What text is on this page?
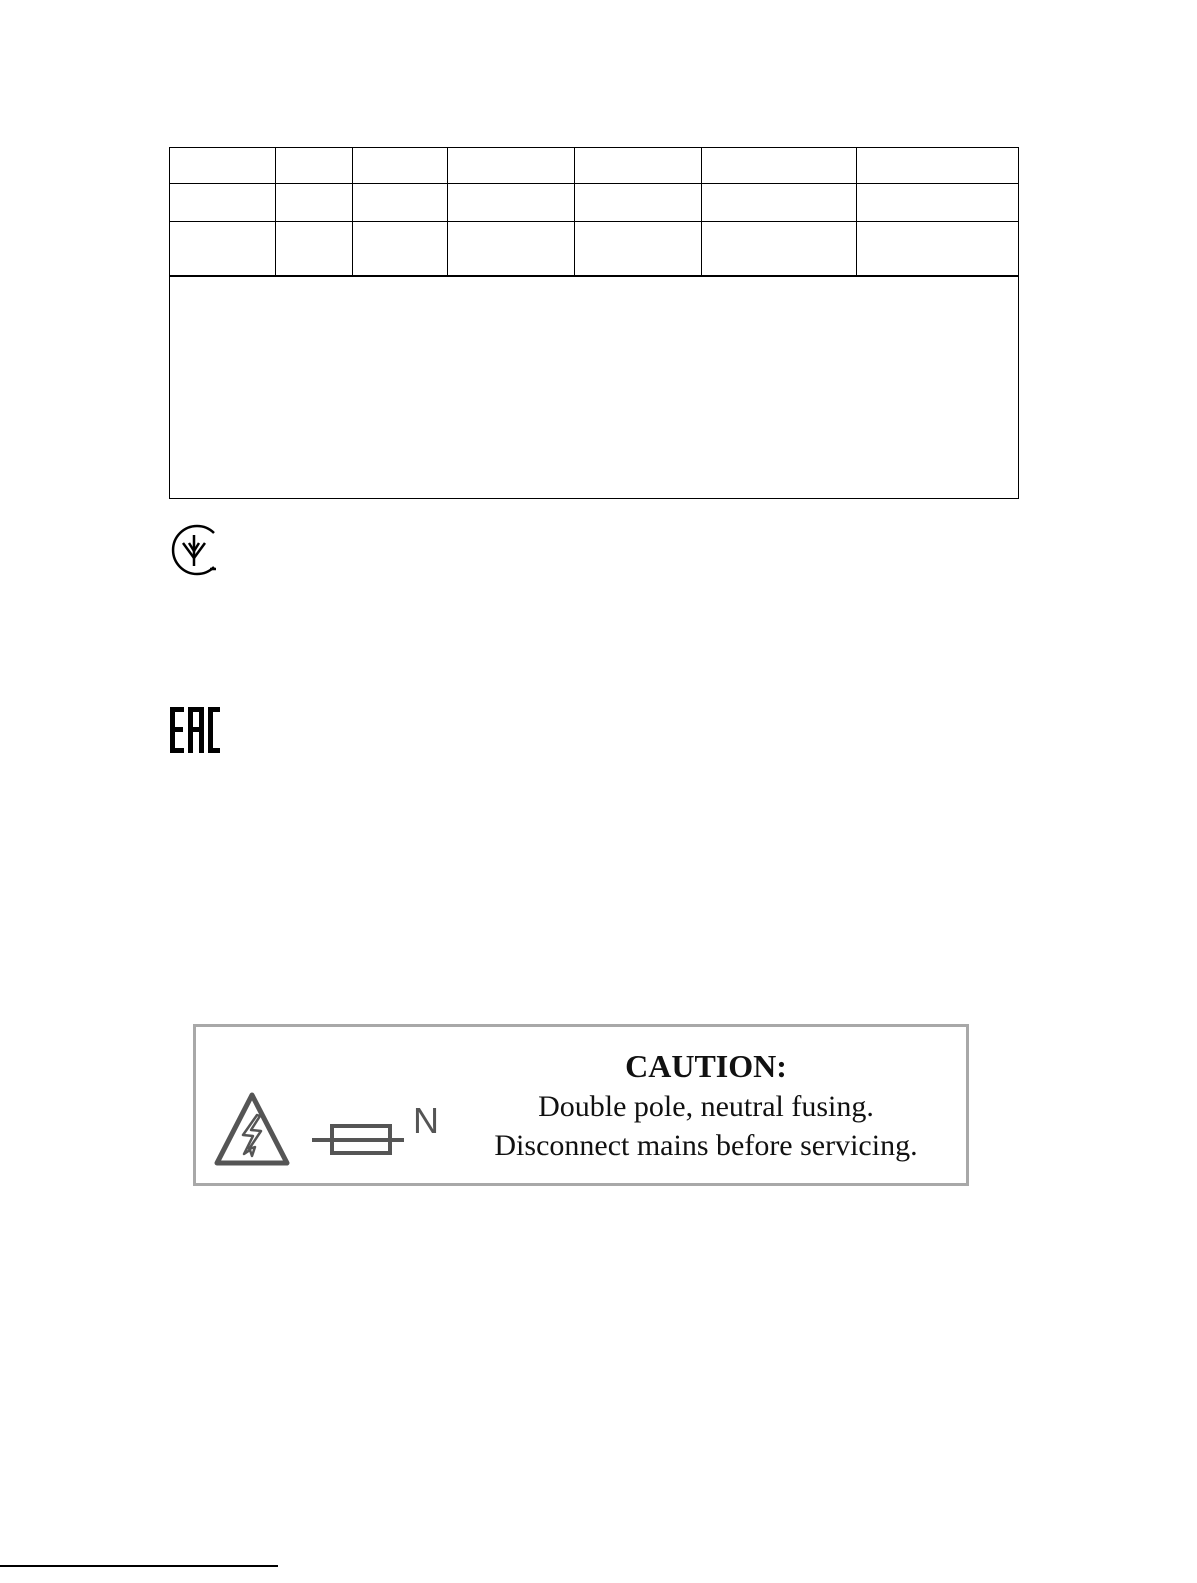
N
CAUTION:
Double pole, neutral fusing.
Disconnect mains before servicing.
